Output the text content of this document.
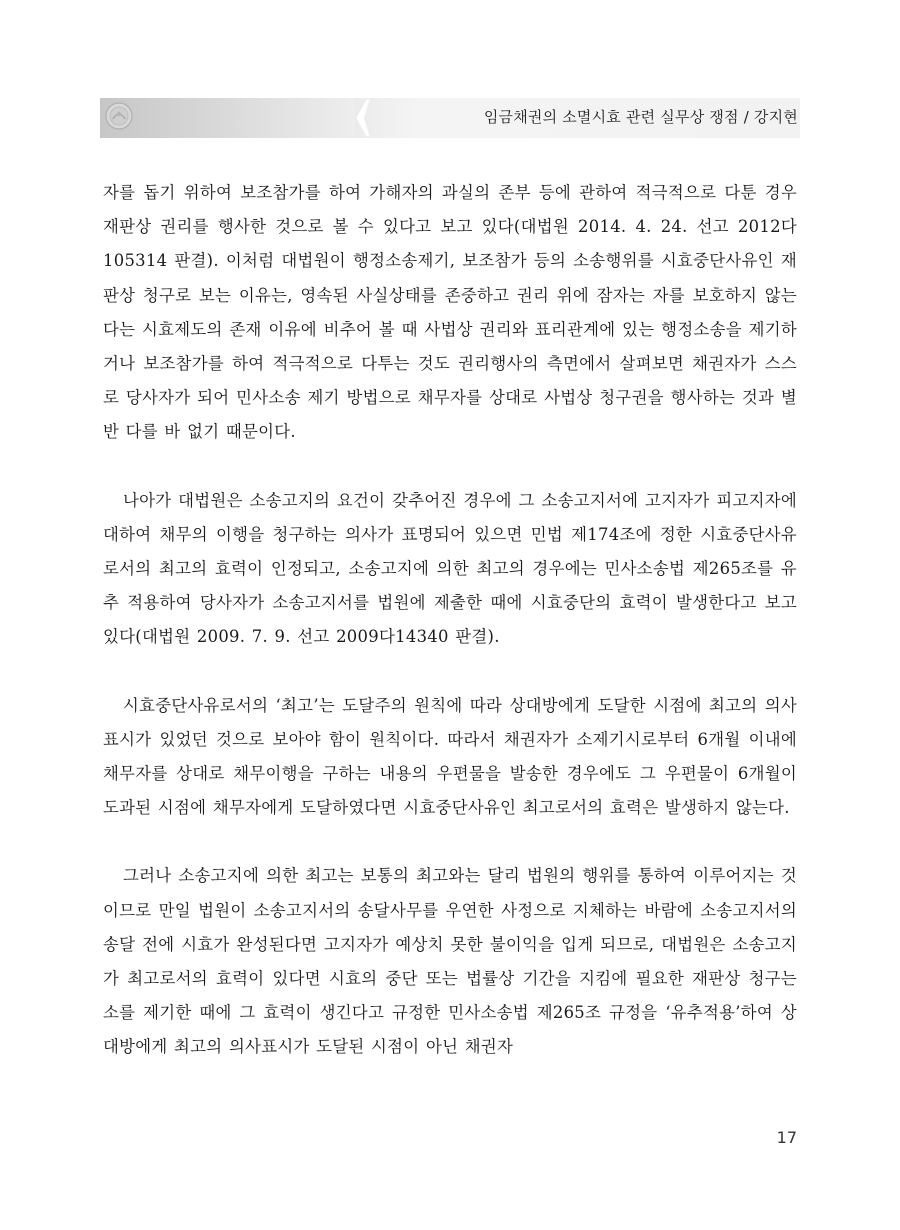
임금채권의 소멸시효 관련 실무상 쟁점 / 강지현

자를 돕기 위하여 보조참가를 하여 가해자의 과실의 존부 등에 관하여 적극적으로 다툰 경우 재판상 권리를 행사한 것으로 볼 수 있다고 보고 있다(대법원 2014. 4. 24. 선고 2012다105314 판결). 이처럼 대법원이 행정소송제기, 보조참가 등의 소송행위를 시효중단사유인 재판상 청구로 보는 이유는, 영속된 사실상태를 존중하고 권리 위에 잠자는 자를 보호하지 않는다는 시효제도의 존재 이유에 비추어 볼 때 사법상 권리와 표리관계에 있는 행정소송을 제기하거나 보조참가를 하여 적극적으로 다투는 것도 권리행사의 측면에서 살펴보면 채권자가 스스로 당사자가 되어 민사소송 제기 방법으로 채무자를 상대로 사법상 청구권을 행사하는 것과 별반 다를 바 없기 때문이다.

나아가 대법원은 소송고지의 요건이 갖추어진 경우에 그 소송고지서에 고지자가 피고지자에 대하여 채무의 이행을 청구하는 의사가 표명되어 있으면 민법 제174조에 정한 시효중단사유로서의 최고의 효력이 인정되고, 소송고지에 의한 최고의 경우에는 민사소송법 제265조를 유추 적용하여 당사자가 소송고지서를 법원에 제출한 때에 시효중단의 효력이 발생한다고 보고 있다(대법원 2009. 7. 9. 선고 2009다14340 판결).

시효중단사유로서의 ‘최고’는 도달주의 원칙에 따라 상대방에게 도달한 시점에 최고의 의사표시가 있었던 것으로 보아야 함이 원칙이다. 따라서 채권자가 소제기시로부터 6개월 이내에 채무자를 상대로 채무이행을 구하는 내용의 우편물을 발송한 경우에도 그 우편물이 6개월이 도과된 시점에 채무자에게 도달하였다면 시효중단사유인 최고로서의 효력은 발생하지 않는다.

그러나 소송고지에 의한 최고는 보통의 최고와는 달리 법원의 행위를 통하여 이루어지는 것이므로 만일 법원이 소송고지서의 송달사무를 우연한 사정으로 지체하는 바람에 소송고지서의 송달 전에 시효가 완성된다면 고지자가 예상치 못한 불이익을 입게 되므로, 대법원은 소송고지가 최고로서의 효력이 있다면 시효의 중단 또는 법률상 기간을 지킴에 필요한 재판상 청구는 소를 제기한 때에 그 효력이 생긴다고 규정한 민사소송법 제265조 규정을 ‘유추적용’하여 상대방에게 최고의 의사표시가 도달된 시점이 아닌 채권자

17
